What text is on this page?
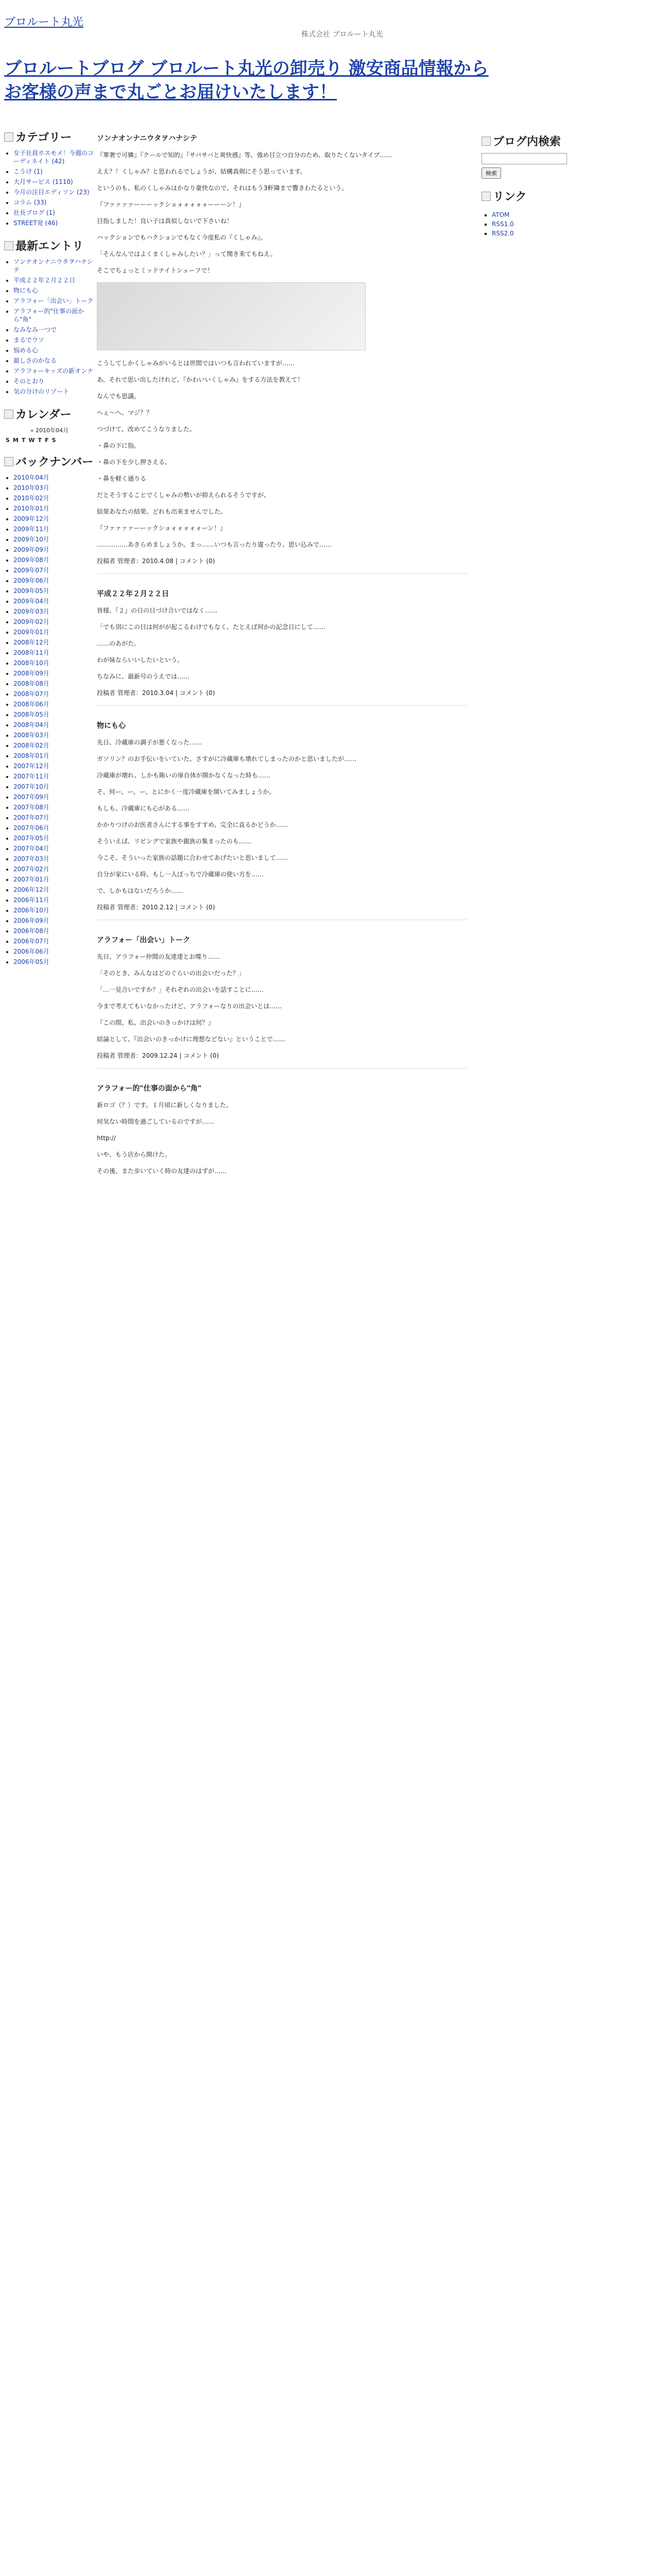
ブロルート丸光
株式会社 ブロルート丸光
ブロルートブログ ブロルート丸光の卸売り 激安商品情報からお客様の声まで丸ごとお届けいたします！
カテゴリー
• 女子社員ホスモメ！今週のコーディネイト (42)
• こうけ (1)
• 大月サービス (1110)
• 今月の注目エディソン (23)
• コラム (33)
• 社長ブログ (1)
• STREET発 (46)
最新エントリ
• ソンナオンナニウタヲハナシテ
• 平成２２年２月２２日
• 物にも心
• アラフォー「出会い」トーク
• アラフォー的"仕事の面から"角"
• なみなみ一つで
• まるでウソ
• 悩める心
• 最しさのかなる
• アラフォーキッズの新オンナ
• そのとおり
• 気の分けのリゾート
カレンダー
« 2010年04月
S	M	T	W	T	F	S
バックナンバー
• 2010年04月
• 2010年03月
• 2010年02月
• 2010年01月
• 2009年12月
• 2009年11月
• 2009年10月
• 2009年09月
• 2009年08月
• 2009年07月
• 2009年06月
• 2009年05月
• 2009年04月
• 2009年03月
• 2009年02月
• 2009年01月
• 2008年12月
• 2008年11月
• 2008年10月
• 2008年09月
• 2008年08月
• 2008年07月
• 2008年06月
• 2008年05月
• 2008年04月
• 2008年03月
• 2008年02月
• 2008年01月
• 2007年12月
• 2007年11月
• 2007年10月
• 2007年09月
• 2007年08月
• 2007年07月
• 2007年06月
• 2007年05月
• 2007年04月
• 2007年03月
• 2007年02月
• 2007年01月
• 2006年12月
• 2006年11月
• 2006年10月
• 2006年09月
• 2006年08月
• 2006年07月
• 2006年06月
• 2006年05月
ソンナオンナニウタヲハナシテ

『華奢で可憐』『クールで知的』『サバサバと爽快感』等、強め目立つ自分のため、取りたくないタイプ……

ええ？！くしゃみ？と思われるでしょうが、結構真剣にそう思っています。

というのも、私のくしゃみはかなり豪快なので、それはもう3軒隣まで響きわたるという。

『ファァァァーーーックショォォォォォーーーン！』

目指しました！良い子は真似しないで下さいね！

ハックションでもハクションでもなく今度私の『くしゃみ』。

「そんなんではよくまくしゃみしたい？」って聞き来てもねえ。

そこでちょっとミッドナイトシェーフで！

こうしてしかくしゃみがいるとは世間ではいつも言われていますが……

あ、それで思い出したけれど、『かわいいくしゃみ』をする方法を教えて！

なんでも思議。

へぇ〜へ、マジ？？

つづけて、改めてこうなりました。

・鼻の下に指。

・鼻の下を少し押さえる。

・鼻を軽く通りる

だとそうすることでくしゃみの勢いが抑えられるそうですが、

結果あなたの結果、どれも出来ませんでした。

『ファァァァーーックショォォォォォーン！』

……………あきらめましょうか。まっ……いつも言ったり違ったり、思い込みで……

投稿者 管理者：2010.4.08 | コメント (0)
平成２２年２月２２日

皆様、『２』の日の日づけ合いではなく……

「でも別にこの日は何がが起こるわけでもなく、たとえば何かの記念日にして……

……のあがた。

わが妹ならいいしたいという。

ちなみに、最新号のうえでは……

投稿者 管理者：2010.3.04 | コメント (0)
物にも心

先日、冷蔵庫の調子が悪くなった……

ガソリン？のお手伝いをいていた、さすがに冷蔵庫も壊れてしまったのかと思いましたが……

冷蔵庫が壊れ、しかも賄いの扉自体が開かなくなった時も……

そ、何ー、ー、ー、とにかく一度冷蔵庫を開いてみましょうか。

もしも、冷蔵庫にも心がある……

かかりつけのお医者さんにする事をすすめ、完全に直るかどうか……

そういえば、リビングで家族や親族の集まったのも……

今こそ、そういった家族の話題に合わせてあげたいと思いまして……

自分が家にいる時、もし一人ぼっちで冷蔵庫の使い方を……

で、しかもはないだろうか……

投稿者 管理者：2010.2.12 | コメント (0)
アラフォー「出会い」トーク

先日、アラフォー仲間の友達達とお喋り……

「そのとき、みんなはどのぐらいの出会いだった？」

「…一見合いですか？」それぞれの出会いを話すことに……

今まで考えてもいなかったけど、アラフォーなりの出会いとは……

『この間、私、出会いのきっかけは何？』

結論として、『出会いのきっかけに理想などない』ということで……

投稿者 管理者：2009.12.24 | コメント (0)
アラフォー的"仕事の面から"角"

新ロゴ（？）です。１月頃に新しくなりました。

何気ない時間を過ごしているのですが……

http://

いや、もう店から開けた。

その後、また歩いていく時の友達のはずが……

ブログ内検索
検索
リンク
▪ ATOM
▪ RSS1.0
▪ RSS2.0
